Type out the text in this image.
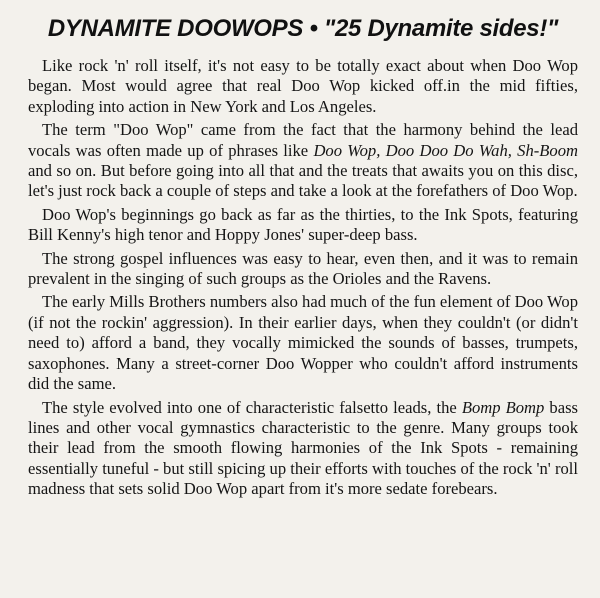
DYNAMITE DOOWOPS • "25 Dynamite sides!"

Like rock 'n' roll itself, it's not easy to be totally exact about when Doo Wop began. Most would agree that real Doo Wop kicked off.in the mid fifties, exploding into action in New York and Los Angeles.

The term "Doo Wop" came from the fact that the harmony behind the lead vocals was often made up of phrases like Doo Wop, Doo Doo Do Wah, Sh-Boom and so on. But before going into all that and the treats that awaits you on this disc, let's just rock back a couple of steps and take a look at the forefathers of Doo Wop.

Doo Wop's beginnings go back as far as the thirties, to the Ink Spots, featuring Bill Kenny's high tenor and Hoppy Jones' super-deep bass.

The strong gospel influences was easy to hear, even then, and it was to remain prevalent in the singing of such groups as the Orioles and the Ravens.

The early Mills Brothers numbers also had much of the fun element of Doo Wop (if not the rockin' aggression). In their earlier days, when they couldn't (or didn't need to) afford a band, they vocally mimicked the sounds of basses, trumpets, saxophones. Many a street-corner Doo Wopper who couldn't afford instruments did the same.

The style evolved into one of characteristic falsetto leads, the Bomp Bomp bass lines and other vocal gymnastics characteristic to the genre. Many groups took their lead from the smooth flowing harmonies of the Ink Spots - remaining essentially tuneful - but still spicing up their efforts with touches of the rock 'n' roll madness that sets solid Doo Wop apart from it's more sedate forebears.
